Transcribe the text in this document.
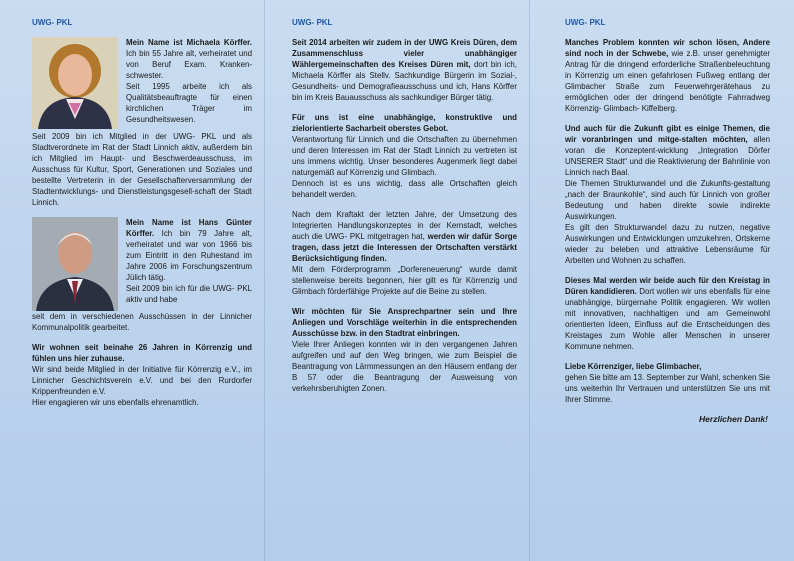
UWG- PKL

Mein Name ist Michaela Körffer. Ich bin 55 Jahre alt, verheiratet und von Beruf Exam. Kranken-schwester.

Seit 1995 arbeite ich als Qualitätsbeauftragte für einen kirchlichen Träger im Gesundheitswesen.

Seit 2009 bin ich Mitglied in der UWG- PKL und als Stadtverordnete im Rat der Stadt Linnich aktiv, außerdem bin ich Mitglied im Haupt- und Beschwerdeausschuss, im Ausschuss für Kultur, Sport, Generationen und Soziales und bestellte Vertreterin in der Gesellschafterversammlung der Stadtentwicklungs- und Dienstleistungsgesell-schaft der Stadt Linnich.

Mein Name ist Hans Günter Körffer. Ich bin 79 Jahre alt, verheiratet und war von 1966 bis zum Eintritt in den Ruhestand im Jahre 2006 im Forschungszentrum Jülich tätig.

Seit 2009 bin ich für die UWG- PKL aktiv und habe

seit dem in verschiedenen Ausschüssen in der Linnicher Kommunalpolitik gearbeitet.

Wir wohnen seit beinahe 26 Jahren in Körrenzig und fühlen uns hier zuhause.

Wir sind beide Mitglied in der Initiative für Körrenzig e.V., im Linnicher Geschichtsverein e.V. und bei den Rurdorfer Krippenfreunden e.V.

Hier engagieren wir uns ebenfalls ehrenamtlich.

UWG- PKL

Seit 2014 arbeiten wir zudem in der UWG Kreis Düren, dem Zusammenschluss vieler unabhängiger Wählergemeinschaften des Kreises Düren mit, dort bin ich, Michaela Körffer als Stellv. Sachkundige Bürgerin im Sozial-, Gesundheits- und Demografieausschuss und ich, Hans Körffer bin im Kreis Bauausschuss als sachkundiger Bürger tätig.

Für uns ist eine unabhängige, konstruktive und zielorientierte Sacharbeit oberstes Gebot.

Verantwortung für Linnich und die Ortschaften zu übernehmen und deren Interessen im Rat der Stadt Linnich zu vertreten ist uns immens wichtig. Unser besonderes Augenmerk liegt dabei naturgemäß auf Körrenzig und Glimbach.

Dennoch ist es uns wichtig, dass alle Ortschaften gleich behandelt werden.

Nach dem Kraftakt der letzten Jahre, der Umsetzung des Integrierten Handlungskonzeptes in der Kernstadt, welches auch die UWG- PKL mitgetragen hat, werden wir dafür Sorge tragen, dass jetzt die Interessen der Ortschaften verstärkt Berücksichtigung finden.

Mit dem Förderprogramm „Dorfereneuerung“ wurde damit stellenweise bereits begonnen, hier gilt es für Körrenzig und Glimbach förderfähige Projekte auf die Beine zu stellen.

Wir möchten für Sie Ansprechpartner sein und Ihre Anliegen und Vorschläge weiterhin in die entsprechenden Ausschüsse bzw. in den Stadtrat einbringen.

Viele Ihrer Anliegen konnten wir in den vergangenen Jahren aufgreifen und auf den Weg bringen, wie zum Beispiel die Beantragung von Lärmmessungen an den Häusern entlang der B 57 oder die Beantragung der Ausweisung von verkehrsberuhigten Zonen.

UWG- PKL

Manches Problem konnten wir schon lösen, Andere sind noch in der Schwebe, wie z.B. unser genehmigter Antrag für die dringend erforderliche Straßenbeleuchtung in Körrenzig um einen gefahrlosen Fußweg entlang der Glimbacher Straße zum Feuerwehrgerätehaus zu ermöglichen oder der dringend benötigte Fahrradweg Körrenzig- Glimbach- Kiffelberg.

Und auch für die Zukunft gibt es einige Themen, die wir voranbringen und mitge-stalten möchten, allen voran die Konzeptent-wicklung „Integration Dörfer UNSERER Stadt“ und die Reaktivierung der Bahnlinie von Linnich nach Baal.

Die Themen Strukturwandel und die Zukunfts-gestaltung „nach der Braunkohle“, sind auch für Linnich von großer Bedeutung und haben direkte sowie indirekte Auswirkungen.

Es gilt den Strukturwandel dazu zu nutzen, negative Auswirkungen und Entwicklungen umzukehren, Ortskerne wieder zu beleben und attraktive Lebensräume für Arbeiten und Wohnen zu schaffen.

Dieses Mal werden wir beide auch für den Kreistag in Düren kandidieren. Dort wollen wir uns ebenfalls für eine unabhängige, bürgernahe Politik engagieren. Wir wollen mit innovativen, nachhaltigen und am Gemeinwohl orientierten Ideen, Einfluss auf die Entscheidungen des Kreistages zum Wohle aller Menschen in unserer Kommune nehmen.

Liebe Körrenziger, liebe Glimbacher,

gehen Sie bitte am 13. September zur Wahl, schenken Sie uns weiterhin Ihr Vertrauen und unterstützen Sie uns mit Ihrer Stimme.

Herzlichen Dank!
